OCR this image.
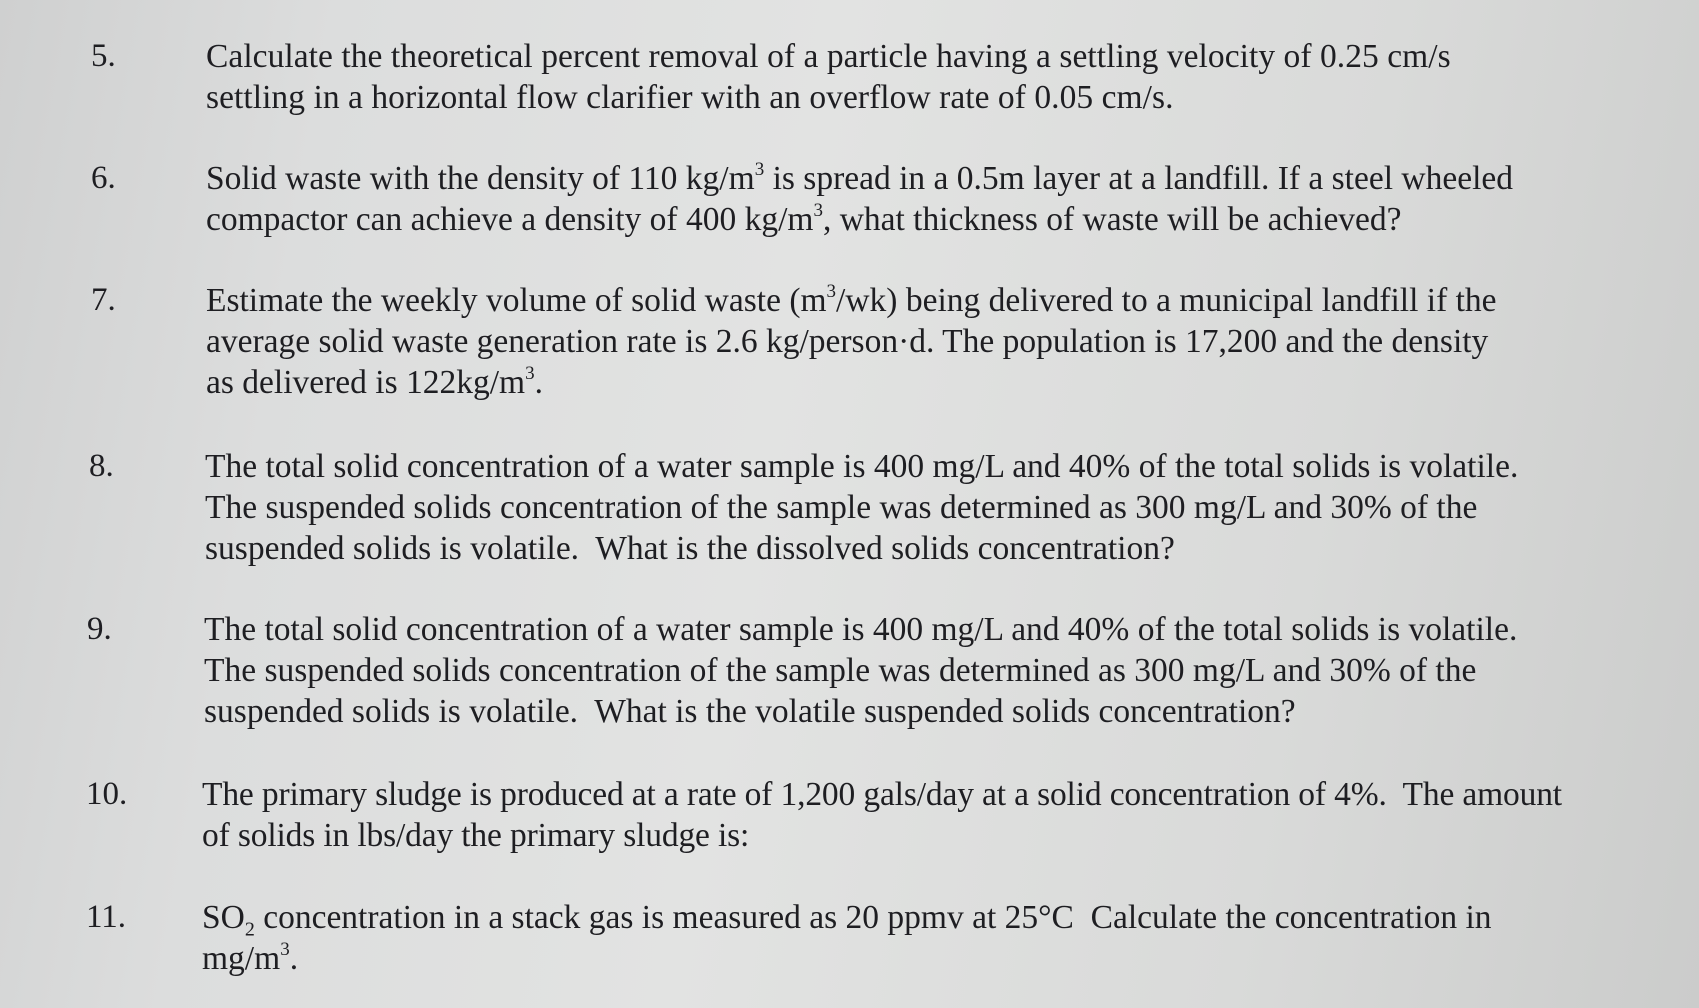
5.	Calculate the theoretical percent removal of a particle having a settling velocity of 0.25 cm/s
settling in a horizontal flow clarifier with an overflow rate of 0.05 cm/s.
6.	Solid waste with the density of 110 $kg/m^3$ is spread in a 0.5m layer at a landfill. If a steel wheeled
compactor can achieve a density of 400 $kg/m^3$, what thickness of waste will be achieved?
7.	Estimate the weekly volume of solid waste $(m^3/wk)$ being delivered to a municipal landfill if the
average solid waste generation rate is 2.6 kg/person·d. The population is 17,200 and the density
as delivered is $122kg/m^3$.
8.	The total solid concentration of a water sample is 400 mg/L and 40% of the total solids is volatile.
The suspended solids concentration of the sample was determined as 300 mg/L and 30% of the
suspended solids is volatile.  What is the dissolved solids concentration?
9.	The total solid concentration of a water sample is 400 mg/L and 40% of the total solids is volatile.
The suspended solids concentration of the sample was determined as 300 mg/L and 30% of the
suspended solids is volatile.  What is the volatile suspended solids concentration?
10. The primary sludge is produced at a rate of 1,200 gals/day at a solid concentration of 4%.  The amount
of solids in lbs/day the primary sludge is:
11. $SO_2$ concentration in a stack gas is measured as 20 ppmv at 25°C  Calculate the concentration in
$mg/m^3$.
